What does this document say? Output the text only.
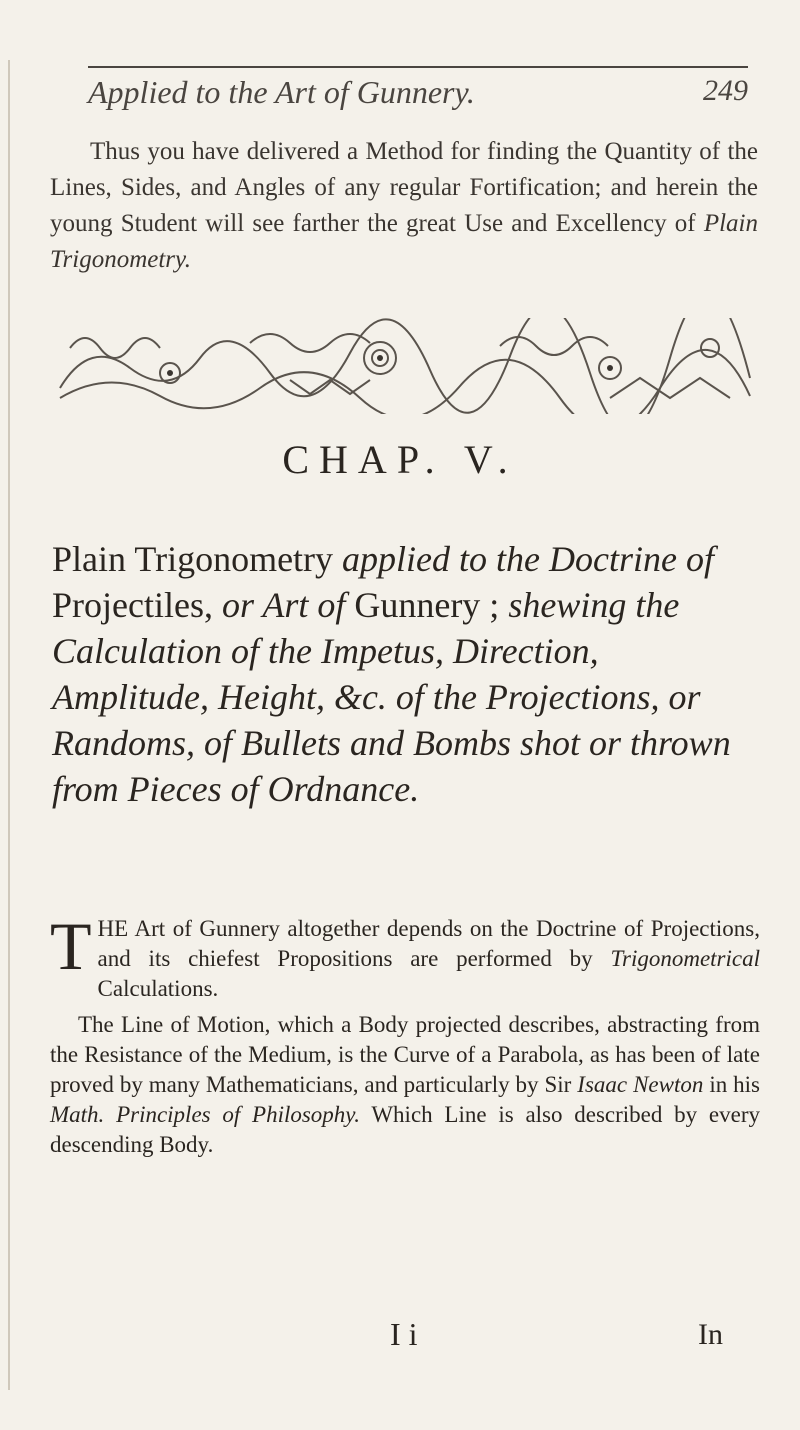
Applied to the Art of Gunnery.	249

Thus you have delivered a Method for finding the Quantity of the Lines, Sides, and Angles of any regular Fortification; and herein the young Student will see farther the great Use and Excellency of Plain Trigonometry.

CHAP. V.

Plain Trigonometry applied to the Doctrine of Projectiles, or Art of Gunnery ; shewing the Calculation of the Impetus, Direction, Amplitude, Height, &c. of the Projections, or Randoms, of Bullets and Bombs shot or thrown from Pieces of Ordnance.

THE Art of Gunnery altogether depends on the Doctrine of Projections, and its chiefest Propositions are performed by Trigonometrical Calculations.

The Line of Motion, which a Body projected describes, abstracting from the Resistance of the Medium, is the Curve of a Parabola, as has been of late proved by many Mathematicians, and particularly by Sir Isaac Newton in his Math. Principles of Philosophy. Which Line is also described by every descending Body.

I i	In
